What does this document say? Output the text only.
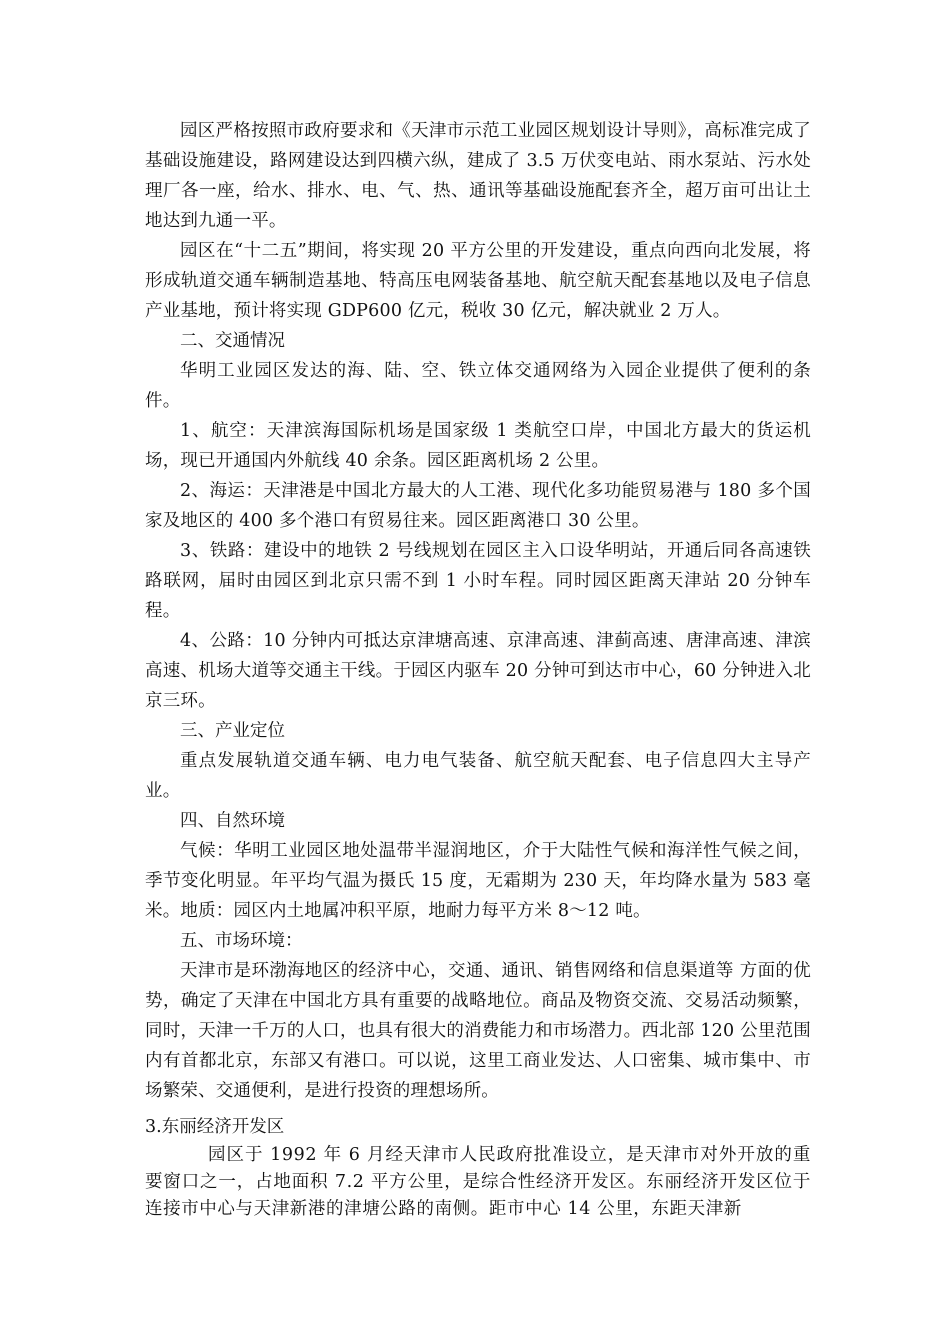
园区严格按照市政府要求和《天津市示范工业园区规划设计导则》，高标准完成了基础设施建设，路网建设达到四横六纵，建成了 3.5 万伏变电站、雨水泵站、污水处理厂各一座，给水、排水、电、气、热、通讯等基础设施配套齐全，超万亩可出让土地达到九通一平。

园区在“十二五”期间，将实现 20 平方公里的开发建设，重点向西向北发展，将形成轨道交通车辆制造基地、特高压电网装备基地、航空航天配套基地以及电子信息产业基地，预计将实现 GDP600 亿元，税收 30 亿元，解决就业 2 万人。

二、交通情况

华明工业园区发达的海、陆、空、铁立体交通网络为入园企业提供了便利的条件。

1、航空：天津滨海国际机场是国家级 1 类航空口岸，中国北方最大的货运机场，现已开通国内外航线 40 余条。园区距离机场 2 公里。

2、海运：天津港是中国北方最大的人工港、现代化多功能贸易港与 180 多个国家及地区的 400 多个港口有贸易往来。园区距离港口 30 公里。

3、铁路：建设中的地铁 2 号线规划在园区主入口设华明站，开通后同各高速铁路联网，届时由园区到北京只需不到 1 小时车程。同时园区距离天津站 20 分钟车程。

4、公路：10 分钟内可抵达京津塘高速、京津高速、津蓟高速、唐津高速、津滨高速、机场大道等交通主干线。于园区内驱车 20 分钟可到达市中心，60 分钟进入北京三环。

三、产业定位

重点发展轨道交通车辆、电力电气装备、航空航天配套、电子信息四大主导产业。

四、自然环境

气候：华明工业园区地处温带半湿润地区，介于大陆性气候和海洋性气候之间，季节变化明显。年平均气温为摄氏 15 度，无霜期为 230 天，年均降水量为 583 毫米。地质：园区内土地属冲积平原，地耐力每平方米 8～12 吨。

五、市场环境：

天津市是环渤海地区的经济中心，交通、通讯、销售网络和信息渠道等 方面的优势，确定了天津在中国北方具有重要的战略地位。商品及物资交流、交易活动频繁，同时，天津一千万的人口，也具有很大的消费能力和市场潜力。西北部 120 公里范围内有首都北京，东部又有港口。可以说，这里工商业发达、人口密集、城市集中、市场繁荣、交通便利，是进行投资的理想场所。

3.东丽经济开发区

园区于 1992 年 6 月经天津市人民政府批准设立，是天津市对外开放的重要窗口之一，占地面积 7.2 平方公里，是综合性经济开发区。东丽经济开发区位于连接市中心与天津新港的津塘公路的南侧。距市中心 14 公里，东距天津新
